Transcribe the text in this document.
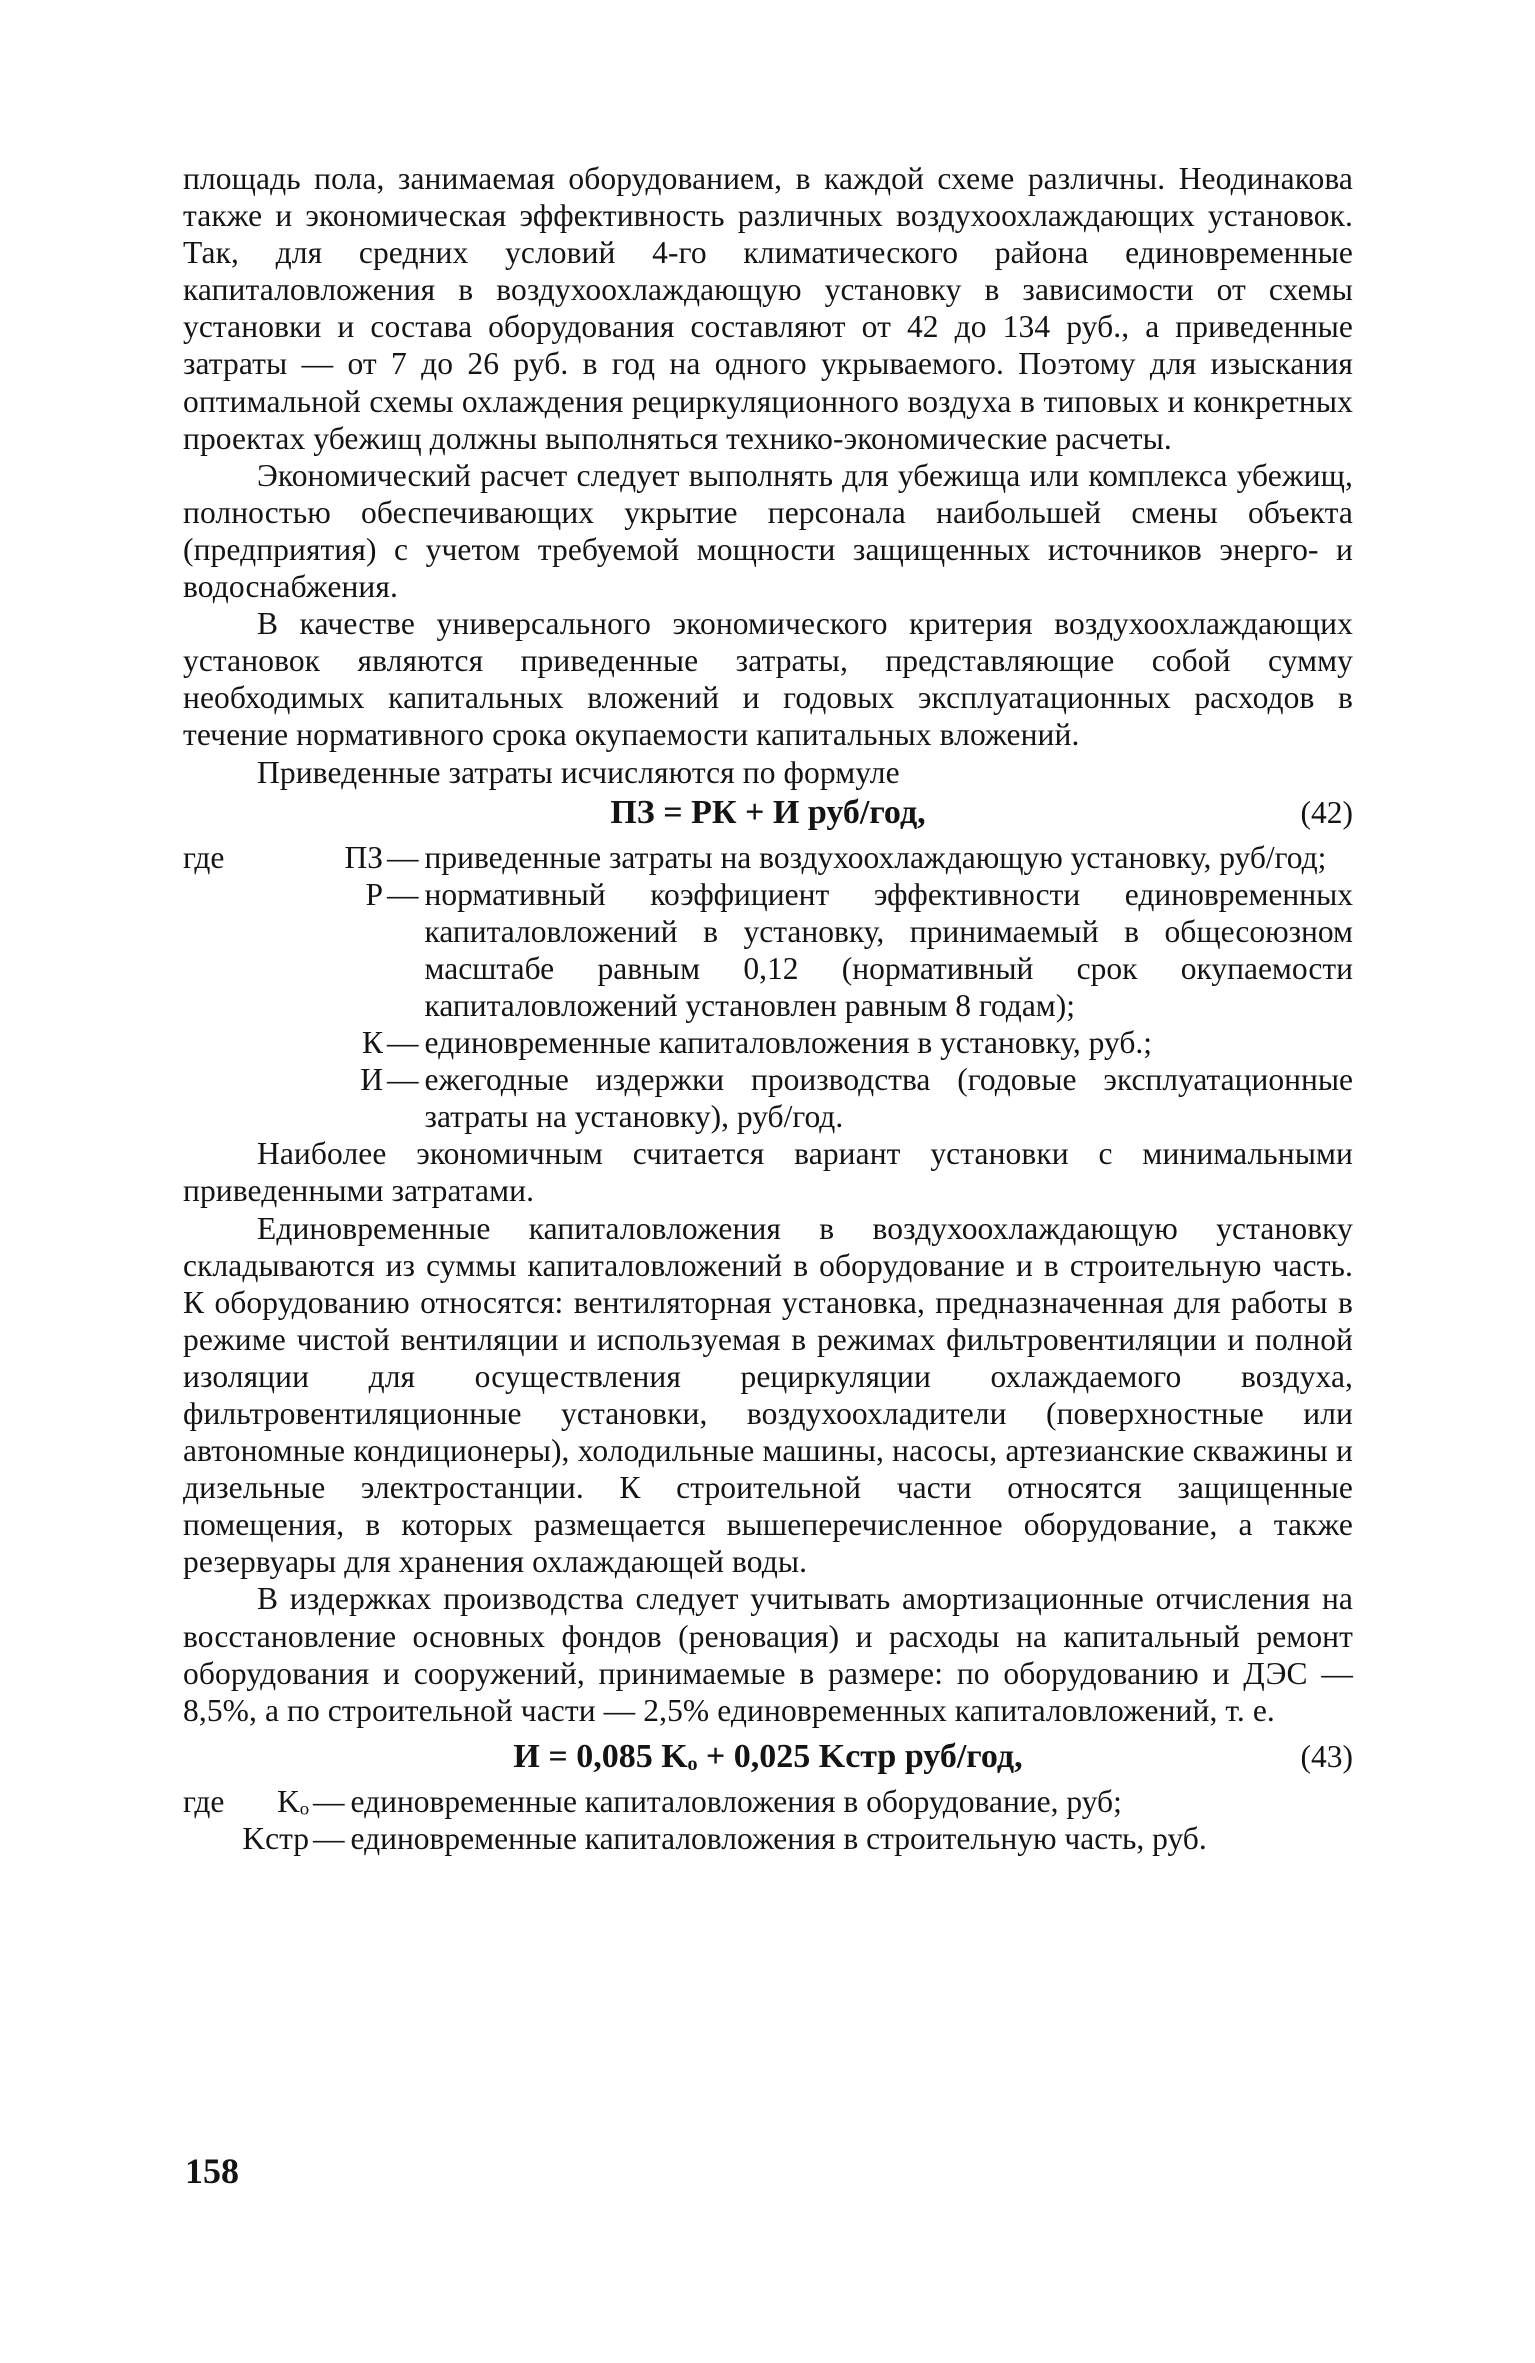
площадь пола, занимаемая оборудованием, в каждой схеме различны. Неодинакова также и экономическая эффективность различных воздухоохлаждающих установок. Так, для средних условий 4-го климатического района единовременные капиталовложения в воздухоохлаждающую установку в зависимости от схемы установки и состава оборудования составляют от 42 до 134 руб., а приведенные затраты — от 7 до 26 руб. в год на одного укрываемого. Поэтому для изыскания оптимальной схемы охлаждения рециркуляционного воздуха в типовых и конкретных проектах убежищ должны выполняться технико-экономические расчеты.

Экономический расчет следует выполнять для убежища или комплекса убежищ, полностью обеспечивающих укрытие персонала наибольшей смены объекта (предприятия) с учетом требуемой мощности защищенных источников энерго- и водоснабжения.

В качестве универсального экономического критерия воздухоохлаждающих установок являются приведенные затраты, представляющие собой сумму необходимых капитальных вложений и годовых эксплуатационных расходов в течение нормативного срока окупаемости капитальных вложений.

Приведенные затраты исчисляются по формуле

ПЗ = РК + И руб/год,	(42)
где	ПЗ — приведенные затраты на воздухоохлаждающую установку, руб/год;
Р — нормативный коэффициент эффективности единовременных капиталовложений в установку, принимаемый в общесоюзном масштабе равным 0,12 (нормативный срок окупаемости капиталовложений установлен равным 8 годам);
К — единовременные капиталовложения в установку, руб.;
И — ежегодные издержки производства (годовые эксплуатационные затраты на установку), руб/год.

Наиболее экономичным считается вариант установки с минимальными приведенными затратами.

Единовременные капиталовложения в воздухоохлаждающую установку складываются из суммы капиталовложений в оборудование и в строительную часть. К оборудованию относятся: вентиляторная установка, предназначенная для работы в режиме чистой вентиляции и используемая в режимах фильтровентиляции и полной изоляции для осуществления рециркуляции охлаждаемого воздуха, фильтровентиляционные установки, воздухоохладители (поверхностные или автономные кондиционеры), холодильные машины, насосы, артезианские скважины и дизельные электростанции. К строительной части относятся защищенные помещения, в которых размещается вышеперечисленное оборудование, а также резервуары для хранения охлаждающей воды.

В издержках производства следует учитывать амортизационные отчисления на восстановление основных фондов (реновация) и расходы на капитальный ремонт оборудования и сооружений, принимаемые в размере: по оборудованию и ДЭС — 8,5%, а по строительной части — 2,5% единовременных капиталовложений, т. е.

И = 0,085 Kₒ + 0,025 Kстр руб/год,	(43)
где Kₒ — единовременные капиталовложения в оборудование, руб;
Kстр — единовременные капиталовложения в строительную часть, руб.
158
